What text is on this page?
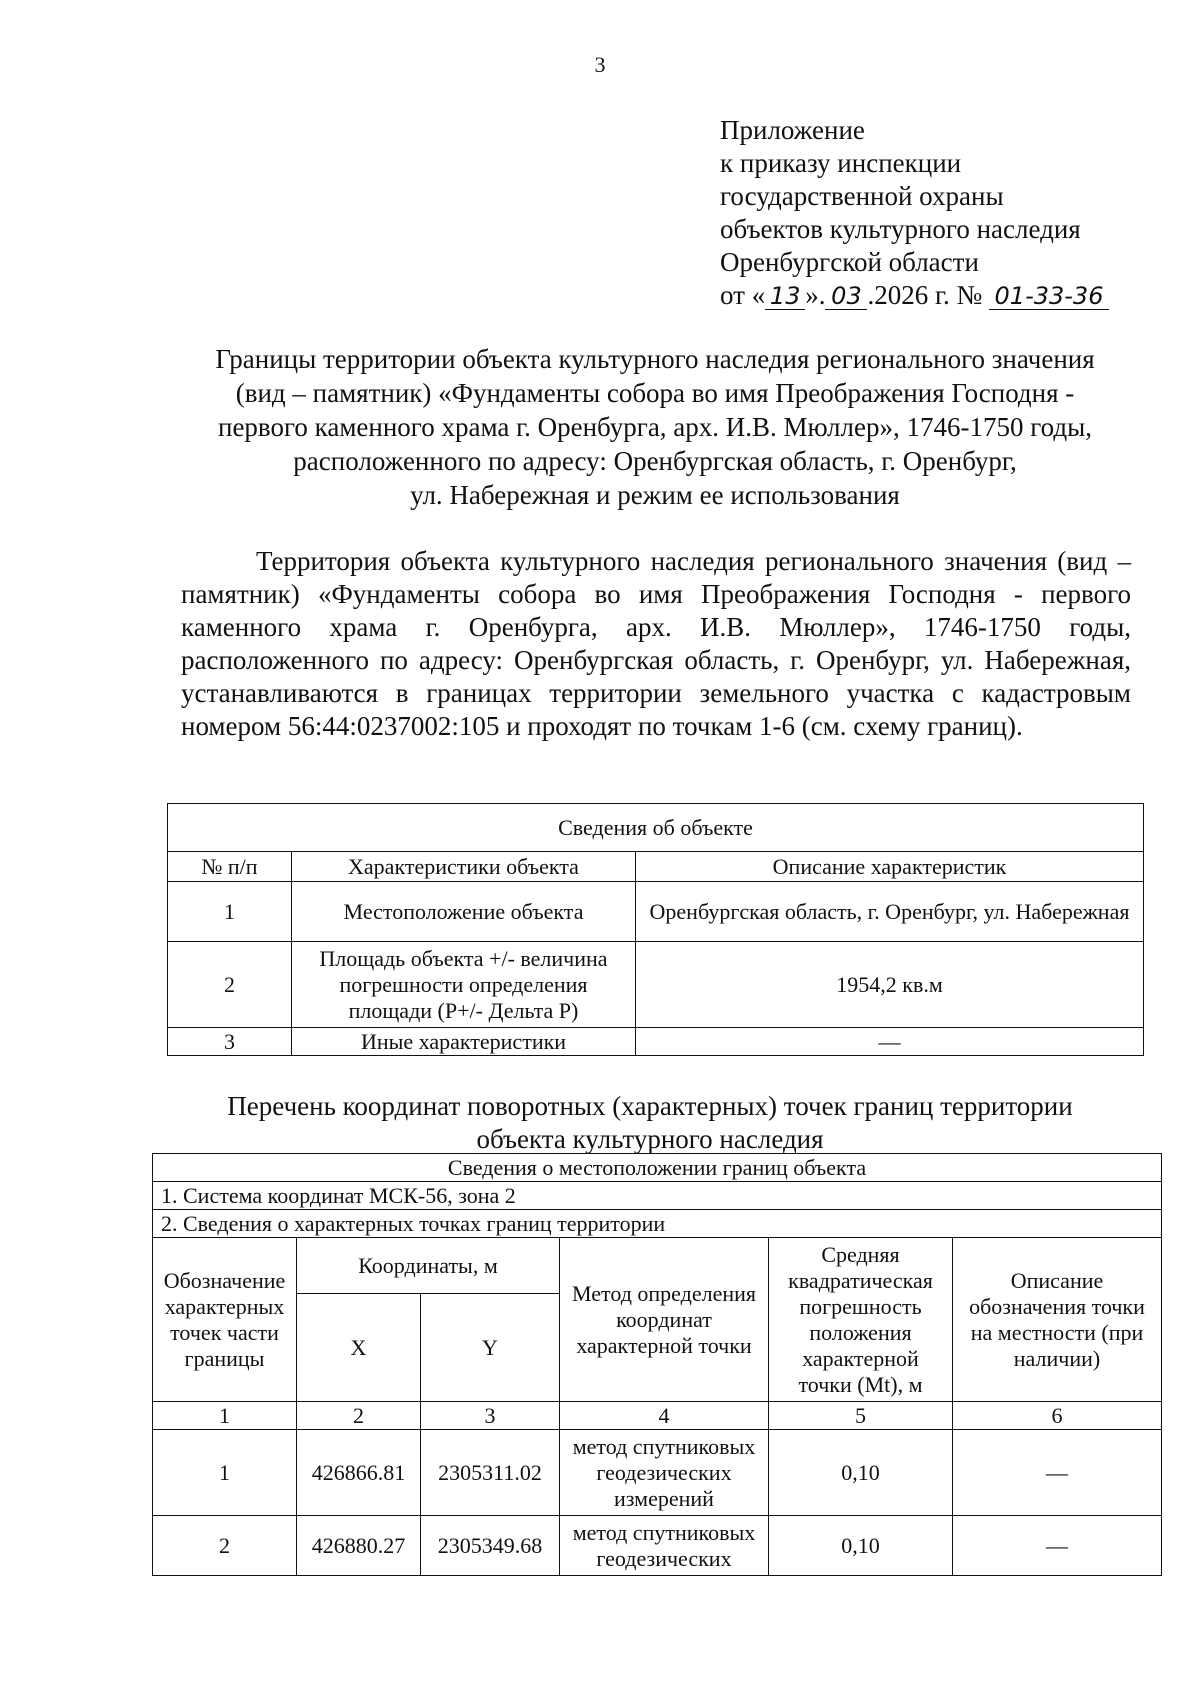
3
Приложение
к приказу инспекции
государственной охраны
объектов культурного наследия
Оренбургской области
от « 13 ». 03 .2026 г. № 01-33-36
Границы территории объекта культурного наследия регионального значения
(вид – памятник) «Фундаменты собора во имя Преображения Господня -
первого каменного храма г. Оренбурга, арх. И.В. Мюллер», 1746-1750 годы,
расположенного по адресу: Оренбургская область, г. Оренбург,
ул. Набережная и режим ее использования
Территория объекта культурного наследия регионального значения (вид – памятник) «Фундаменты собора во имя Преображения Господня - первого каменного храма г. Оренбурга, арх. И.В. Мюллер», 1746-1750 годы, расположенного по адресу: Оренбургская область, г. Оренбург, ул. Набережная, устанавливаются в границах территории земельного участка с кадастровым номером 56:44:0237002:105 и проходят по точкам 1-6 (см. схему границ).
Сведения об объекте		
№ п/п	Характеристики объекта	Описание характеристик
1	Местоположение объекта	Оренбургская область, г. Оренбург, ул. Набережная
2	Площадь объекта +/- величина погрешности определения площади (Р+/- Дельта Р)	1954,2 кв.м
3	Иные характеристики	—
Перечень координат поворотных (характерных) точек границ территории
объекта культурного наследия
Сведения о местоположении границ объекта					
1. Система координат МСК-56, зона 2					
2. Сведения о характерных точках границ территории					
Обозначение характерных точек части границы	Координаты, м		Метод определения координат характерной точки	Средняя квадратическая погрешность положения характерной точки (Mt), м	Описание обозначения точки на местности (при наличии)
	X	Y			
1	2	3	4	5	6
1	426866.81	2305311.02	метод спутниковых геодезических измерений	0,10	—
2	426880.27	2305349.68	метод спутниковых геодезических	0,10	—
